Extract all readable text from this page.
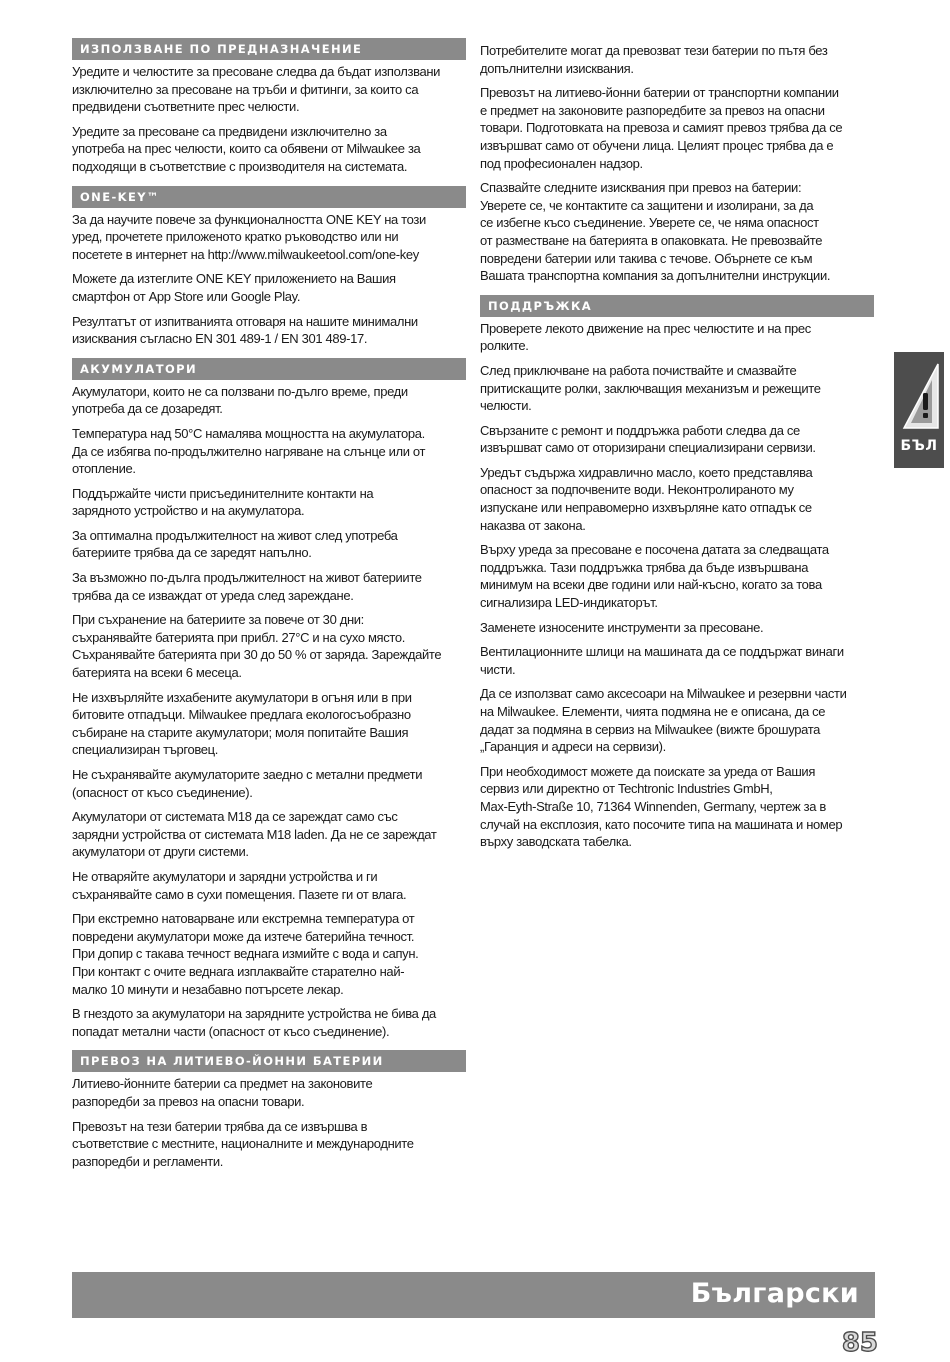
ИЗПОЛЗВАНЕ ПО ПРЕДНАЗНАЧЕНИЕ

Уредите и челюстите за пресоване следва да бъдат използвани
изключително за пресоване на тръби и фитинги, за които са
предвидени съответните прес челюсти.

Уредите за пресоване са предвидени изключително за
употреба на прес челюсти, които са обявени от Milwaukee за
подходящи в съответствие с производителя на системата.

ONE-KEY™

За да научите повече за функционалността ONE KEY на този
уред, прочетете приложеното кратко ръководство или ни
посетете в интернет на http://www.milwaukeetool.com/one-key

Можете да изтеглите ONE KEY приложението на Вашия
смартфон от App Store или Google Play.

Резултатът от изпитванията отговаря на нашите минимални
изисквания съгласно EN 301 489-1 / EN 301 489-17.

АКУМУЛАТОРИ

Акумулатори, които не са ползвани по-дълго време, преди
употреба да се дозаредят.

Температура над 50°C намалява мощността на акумулатора.
Да се избягва по-продължително нагряване на слънце или от
отопление.

Поддържайте чисти присъединителните контакти на
зарядното устройство и на акумулатора.

За оптимална продължителност на живот след употреба
батериите трябва да се заредят напълно.

За възможно по-дълга продължителност на живот батериите
трябва да се изваждат от уреда след зареждане.

При съхранение на батериите за повече от 30 дни:
съхранявайте батерията при прибл. 27°C и на сухо място.
Съхранявайте батерията при 30 до 50 % от заряда. Зареждайте
батерията на всеки 6 месеца.

Не изхвърляйте изхабените акумулатори в огъня или в при
битовите отпадъци. Milwaukee предлага екологосъобразно
събиране на старите акумулатори; моля попитайте Вашия
специализиран търговец.

Не съхранявайте акумулаторите заедно с метални предмети
(опасност от късо съединение).

Акумулатори от системата M18 да се зареждат само със
зарядни устройства от системата M18 laden. Да не се зареждат
акумулатори от други системи.

Не отваряйте акумулатори и зарядни устройства и ги
съхранявайте само в сухи помещения. Пазете ги от влага.

При екстремно натоварване или екстремна температура от
повредени акумулатори може да изтече батерийна течност.
При допир с такава течност веднага измийте с вода и сапун.
При контакт с очите веднага изплаквайте старателно най-
малко 10 минути и незабавно потърсете лекар.

В гнездото за акумулатори на зарядните устройства не бива да
попадат метални части (опасност от късо съединение).

ПРЕВОЗ НА ЛИТИЕВО-ЙОННИ БАТЕРИИ

Литиево-йонните батерии са предмет на законовите
разпоредби за превоз на опасни товари.

Превозът на тези батерии трябва да се извършва в
съответствие с местните, националните и международните
разпоредби и регламенти.

Потребителите могат да превозват тези батерии по пътя без
допълнителни изисквания.

Превозът на литиево-йонни батерии от транспортни компании
е предмет на законовите разпоредбите за превоз на опасни
товари. Подготовката на превоза и самият превоз трябва да се
извършват само от обучени лица. Целият процес трябва да е
под професионален надзор.

Спазвайте следните изисквания при превоз на батерии:
Уверете се, че контактите са защитени и изолирани, за да
се избегне късо съединение. Уверете се, че няма опасност
от разместване на батерията в опаковката. Не превозвайте
повредени батерии или такива с течове. Обърнете се към
Вашата транспортна компания за допълнителни инструкции.

ПОДДРЪЖКА

Проверете лекото движение на прес челюстите и на прес
ролките.

След приключване на работа почиствайте и смазвайте
притискащите ролки, заключващия механизъм и режещите
челюсти.

Свързаните с ремонт и поддръжка работи следва да се
извършват само от оторизирани специализирани сервизи.

Уредът съдържа хидравлично масло, което представлява
опасност за подпочвените води. Неконтролираното му
изпускане или неправомерно изхвърляне като отпадък се
наказва от закона.

Върху уреда за пресоване е посочена датата за следващата
поддръжка. Тази поддръжка трябва да бъде извършвана
минимум на всеки две години или най-късно, когато за това
сигнализира LED-индикаторът.

Заменете износените инструменти за пресоване.

Вентилационните шлици на машината да се поддържат винаги
чисти.

Да се използват само аксесоари на Milwaukee и резервни части
на Milwaukee. Елементи, чията подмяна не е описана, да се
дадат за подмяна в сервиз на Milwaukee (вижте брошурата
„Гаранция и адреси на сервизи).

При необходимост можете да поискате за уреда от Вашия
сервиз или директно от Techtronic Industries GmbH,
Max-Eyth-Straße 10, 71364 Winnenden, Germany, чертеж за в
случай на експлозия, като посочите типа на машината и номер
върху заводската табелка.

БЪЛ
Български
85
